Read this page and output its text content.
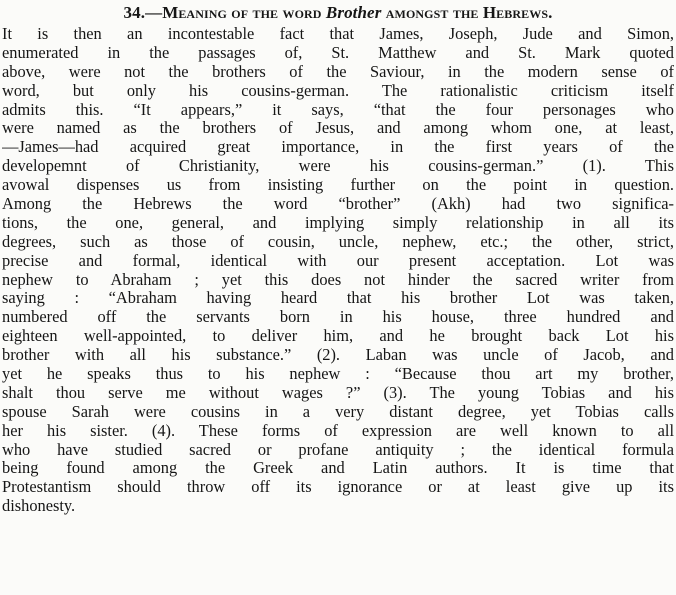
34.—Meaning of the word Brother amongst the Hebrews.
It is then an incontestable fact that James, Joseph, Jude and Simon,
enumerated in the passages of, St. Matthew and St. Mark quoted
above, were not the brothers of the Saviour, in the modern sense of
word, but only his cousins-german. The rationalistic criticism itself
admits this. “It appears,” it says, “that the four personages who
were named as the brothers of Jesus, and among whom one, at least,
—James—had acquired great importance, in the first years of the
developemnt of Christianity, were his cousins-german.” (1). This
avowal dispenses us from insisting further on the point in question.
Among the Hebrews the word “brother” (Akh) had two significa-
tions, the one, general, and implying simply relationship in all its
degrees, such as those of cousin, uncle, nephew, etc.; the other, strict,
precise and formal, identical with our present acceptation. Lot was
nephew to Abraham ; yet this does not hinder the sacred writer from
saying : “Abraham having heard that his brother Lot was taken,
numbered off the servants born in his house, three hundred and
eighteen well-appointed, to deliver him, and he brought back Lot his
brother with all his substance.” (2). Laban was uncle of Jacob, and
yet he speaks thus to his nephew : “Because thou art my brother,
shalt thou serve me without wages ?” (3). The young Tobias and his
spouse Sarah were cousins in a very distant degree, yet Tobias calls
her his sister. (4). These forms of expression are well known to all
who have studied sacred or profane antiquity ; the identical formula
being found among the Greek and Latin authors. It is time that
Protestantism should throw off its ignorance or at least give up its
dishonesty.
